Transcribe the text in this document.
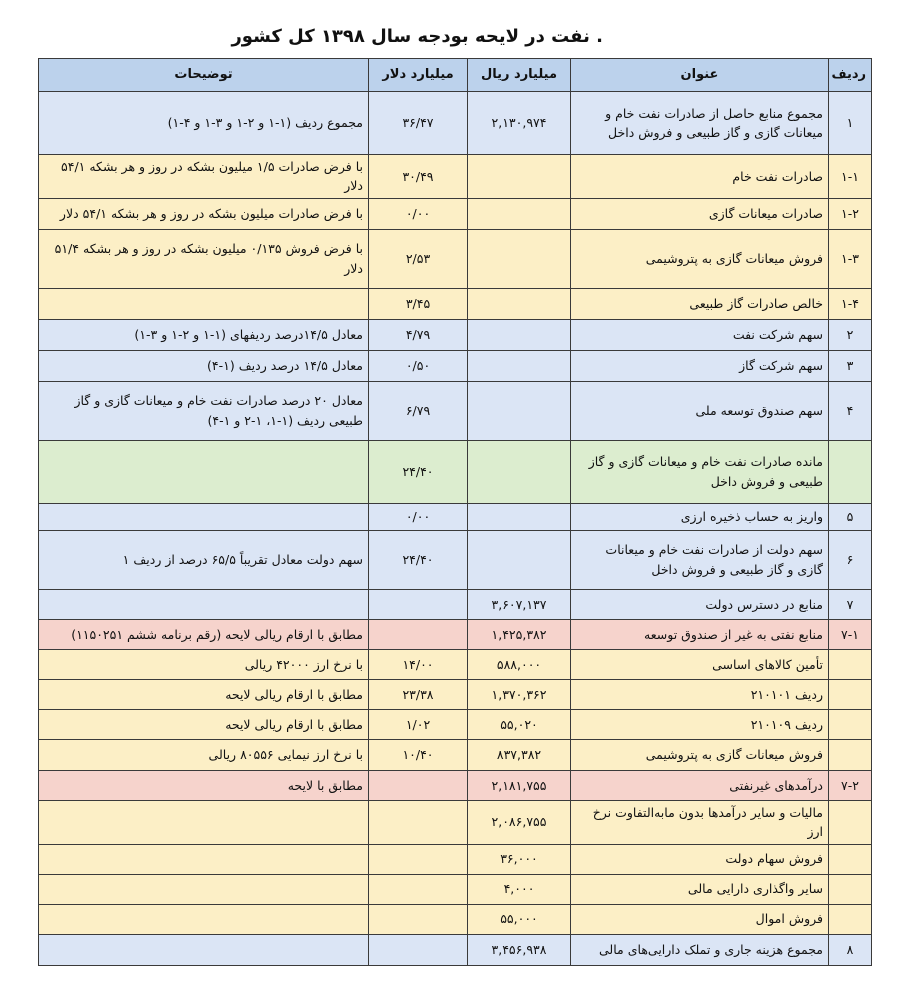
. نفت در لایحه بودجه سال ۱۳۹۸ کل کشور
ردیف	عنوان	میلیارد ریال	میلیارد دلار	توضیحات
۱	مجموع منابع حاصل از صادرات نفت خام و میعانات گازی و گاز طبیعی و فروش داخل	۲,۱۳۰,۹۷۴	۳۶/۴۷	مجموع ردیف (۱-۱ و ۲-۱ و ۳-۱ و ۴-۱)
۱-۱	صادرات نفت خام		۳۰/۴۹	با فرض صادرات ۱/۵ میلیون بشکه در روز و هر بشکه ۵۴/۱ دلار
۱-۲	صادرات میعانات گازی		۰/۰۰	با فرض صادرات میلیون بشکه در روز و هر بشکه ۵۴/۱ دلار
۱-۳	فروش میعانات گازی به پتروشیمی		۲/۵۳	با فرض فروش ۰/۱۳۵ میلیون بشکه در روز و هر بشکه ۵۱/۴ دلار
۱-۴	خالص صادرات گاز طبیعی		۳/۴۵	
۲	سهم شرکت نفت		۴/۷۹	معادل ۱۴/۵درصد ردیفهای (۱-۱ و ۲-۱ و ۳-۱)
۳	سهم شرکت گاز		۰/۵۰	معادل ۱۴/۵ درصد ردیف (۱-۴)
۴	سهم صندوق توسعه ملی		۶/۷۹	معادل ۲۰ درصد صادرات نفت خام و میعانات گازی و گاز طبیعی ردیف (۱-۱، ۱-۲ و ۱-۴)
	مانده صادرات نفت خام و میعانات گازی و گاز طبیعی و فروش داخل		۲۴/۴۰	
۵	واریز به حساب ذخیره ارزی		۰/۰۰	
۶	سهم دولت از صادرات نفت خام و میعانات گازی و گاز طبیعی و فروش داخل		۲۴/۴۰	سهم دولت معادل تقریباً ۶۵/۵ درصد از ردیف ۱
۷	منابع در دسترس دولت	۳,۶۰۷,۱۳۷		
۷-۱	منابع نفتی به غیر از صندوق توسعه	۱,۴۲۵,۳۸۲		مطابق با ارقام ریالی لایحه (رقم برنامه ششم ۱۱۵۰۲۵۱)
	تأمین کالاهای اساسی	۵۸۸,۰۰۰	۱۴/۰۰	با نرخ ارز ۴۲۰۰۰ ریالی
	ردیف ۲۱۰۱۰۱	۱,۳۷۰,۳۶۲	۲۳/۳۸	مطابق با ارقام ریالی لایحه
	ردیف ۲۱۰۱۰۹	۵۵,۰۲۰	۱/۰۲	مطابق با ارقام ریالی لایحه
	فروش میعانات گازی به پتروشیمی	۸۳۷,۳۸۲	۱۰/۴۰	با نرخ ارز نیمایی ۸۰۵۵۶ ریالی
۷-۲	درآمدهای غیرنفتی	۲,۱۸۱,۷۵۵		مطابق با لایحه
	مالیات و سایر درآمدها بدون مابه‌التفاوت نرخ ارز	۲,۰۸۶,۷۵۵		
	فروش سهام دولت	۳۶,۰۰۰		
	سایر واگذاری دارایی مالی	۴,۰۰۰		
	فروش اموال	۵۵,۰۰۰		
۸	مجموع هزینه جاری و تملک دارایی‌های مالی	۳,۴۵۶,۹۳۸		
